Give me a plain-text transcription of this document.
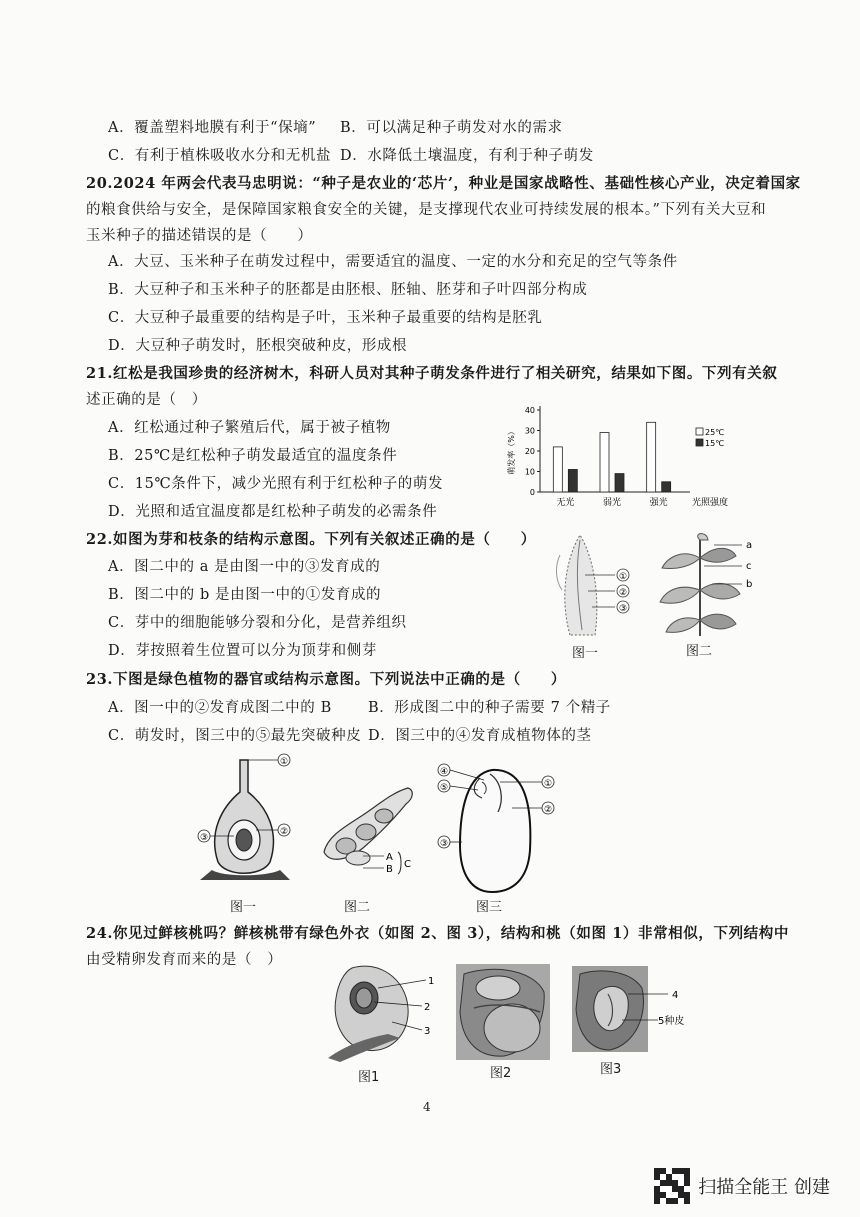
A．覆盖塑料地膜有利于“保墒” B．可以满足种子萌发对水的需求
C．有利于植株吸收水分和无机盐 D．水降低土壤温度，有利于种子萌发
20.2024 年两会代表马忠明说：“种子是农业的‘芯片’，种业是国家战略性、基础性核心产业，决定着国家
的粮食供给与安全，是保障国家粮食安全的关键，是支撑现代农业可持续发展的根本。”下列有关大豆和
玉米种子的描述错误的是（　　）
A．大豆、玉米种子在萌发过程中，需要适宜的温度、一定的水分和充足的空气等条件
B．大豆种子和玉米种子的胚都是由胚根、胚轴、胚芽和子叶四部分构成
C．大豆种子最重要的结构是子叶，玉米种子最重要的结构是胚乳
D．大豆种子萌发时，胚根突破种皮，形成根
21.红松是我国珍贵的经济树木，科研人员对其种子萌发条件进行了相关研究，结果如下图。下列有关叙
述正确的是（　）
A．红松通过种子繁殖后代，属于被子植物
B．25℃是红松种子萌发最适宜的温度条件
C．15℃条件下，减少光照有利于红松种子的萌发
D．光照和适宜温度都是红松种子萌发的必需条件
0
10
20
30
40
萌发率（%）
无光	弱光	强光	光照强度
25℃
15℃
22.如图为芽和枝条的结构示意图。下列有关叙述正确的是（　　）
A．图二中的 a 是由图一中的③发育成的
B．图二中的 b 是由图一中的①发育成的
C．芽中的细胞能够分裂和分化，是营养组织
D．芽按照着生位置可以分为顶芽和侧芽
①
②
③
图一
a
c
b
图二
23.下图是绿色植物的器官或结构示意图。下列说法中正确的是（　　）
A．图一中的②发育成图二中的 B B．形成图二中的种子需要 7 个精子
C．萌发时，图三中的⑤最先突破种皮 D．图三中的④发育成植物体的茎
①
②
③
图一
A
B C
图二
④
⑤	①
②
③
图三
24.你见过鲜核桃吗？鲜核桃带有绿色外衣（如图 2、图 3），结构和桃（如图 1）非常相似，下列结构中
由受精卵发育而来的是（　）
1
2
3
图1	图2
4
5种皮
图3
4
扫描全能王 创建
